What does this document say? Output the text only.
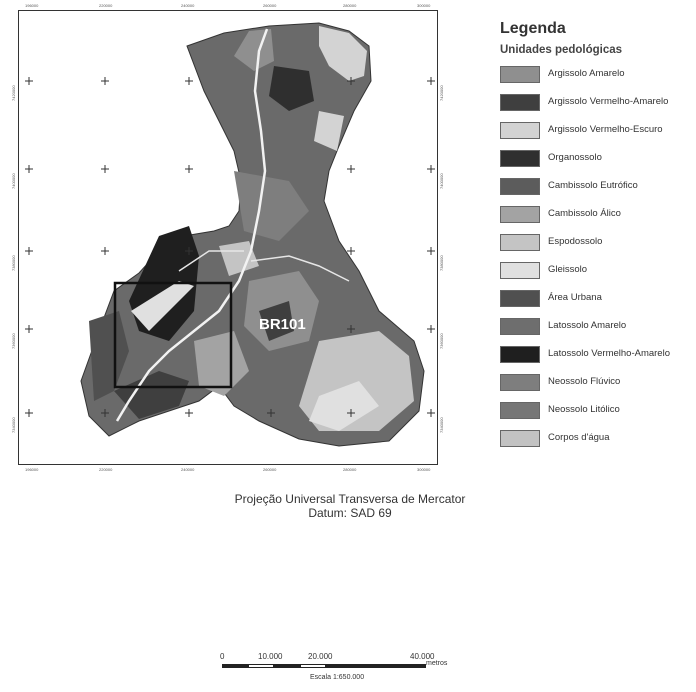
BR101
196000	220000	240000	260000	280000	300000
196000	220000	240000	260000	280000	300000
7420000
7400000
7380000
7360000
7340000
7420000
7400000
7380000
7360000
7340000
Legenda
Unidades pedológicas
Argissolo Amarelo
Argissolo Vermelho-Amarelo
Argissolo Vermelho-Escuro
Organossolo
Cambissolo Eutrófico
Cambissolo Álico
Espodossolo
Gleissolo
Área Urbana
Latossolo Amarelo
Latossolo Vermelho-Amarelo
Neossolo Flúvico
Neossolo Litólico
Corpos d'água
Projeção Universal Transversa de Mercator
Datum: SAD 69
0	10.000	20.000	40.000
metros
Escala 1:650.000
